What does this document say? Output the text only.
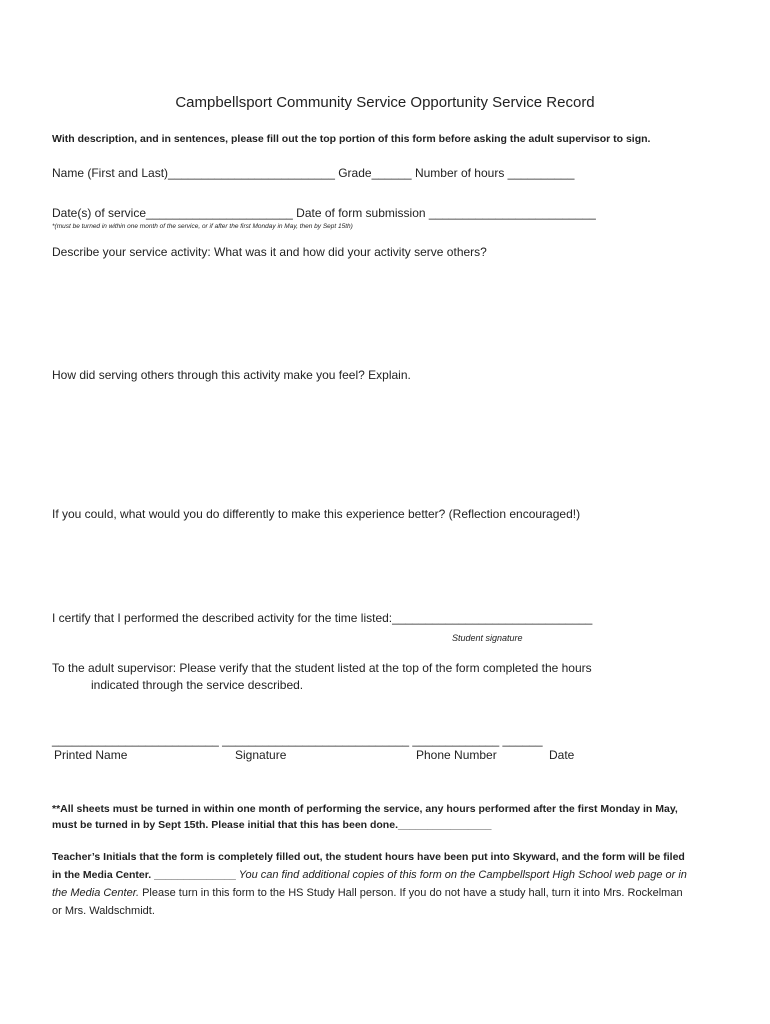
Campbellsport Community Service Opportunity Service Record
With description, and in sentences, please fill out the top portion of this form before asking the adult supervisor to sign.
Name (First and Last)_________________________ Grade______ Number of hours __________
Date(s) of service______________________ Date of form submission _________________________
*(must be turned in within one month of the service, or if after the first Monday in May, then by Sept 15th)
Describe your service activity: What was it and how did your activity serve others?
How did serving others through this activity make you feel? Explain.
If you could, what would you do differently to make this experience better? (Reflection encouraged!)
I certify that I performed the described activity for the time listed:______________________________
Student signature
To the adult supervisor: Please verify that the student listed at the top of the form completed the hours
indicated through the service described.
_________________________ ____________________________ _____________ ______
Printed Name	Signature	Phone Number	Date
**All sheets must be turned in within one month of performing the service, any hours performed after the first Monday in May, must be turned in by Sept 15th. Please initial that this has been done.________________
Teacher’s Initials that the form is completely filled out, the student hours have been put into Skyward, and the form will be filed in the Media Center. ______________ You can find additional copies of this form on the Campbellsport High School web page or in the Media Center. Please turn in this form to the HS Study Hall person. If you do not have a study hall, turn it into Mrs. Rockelman or Mrs. Waldschmidt.
